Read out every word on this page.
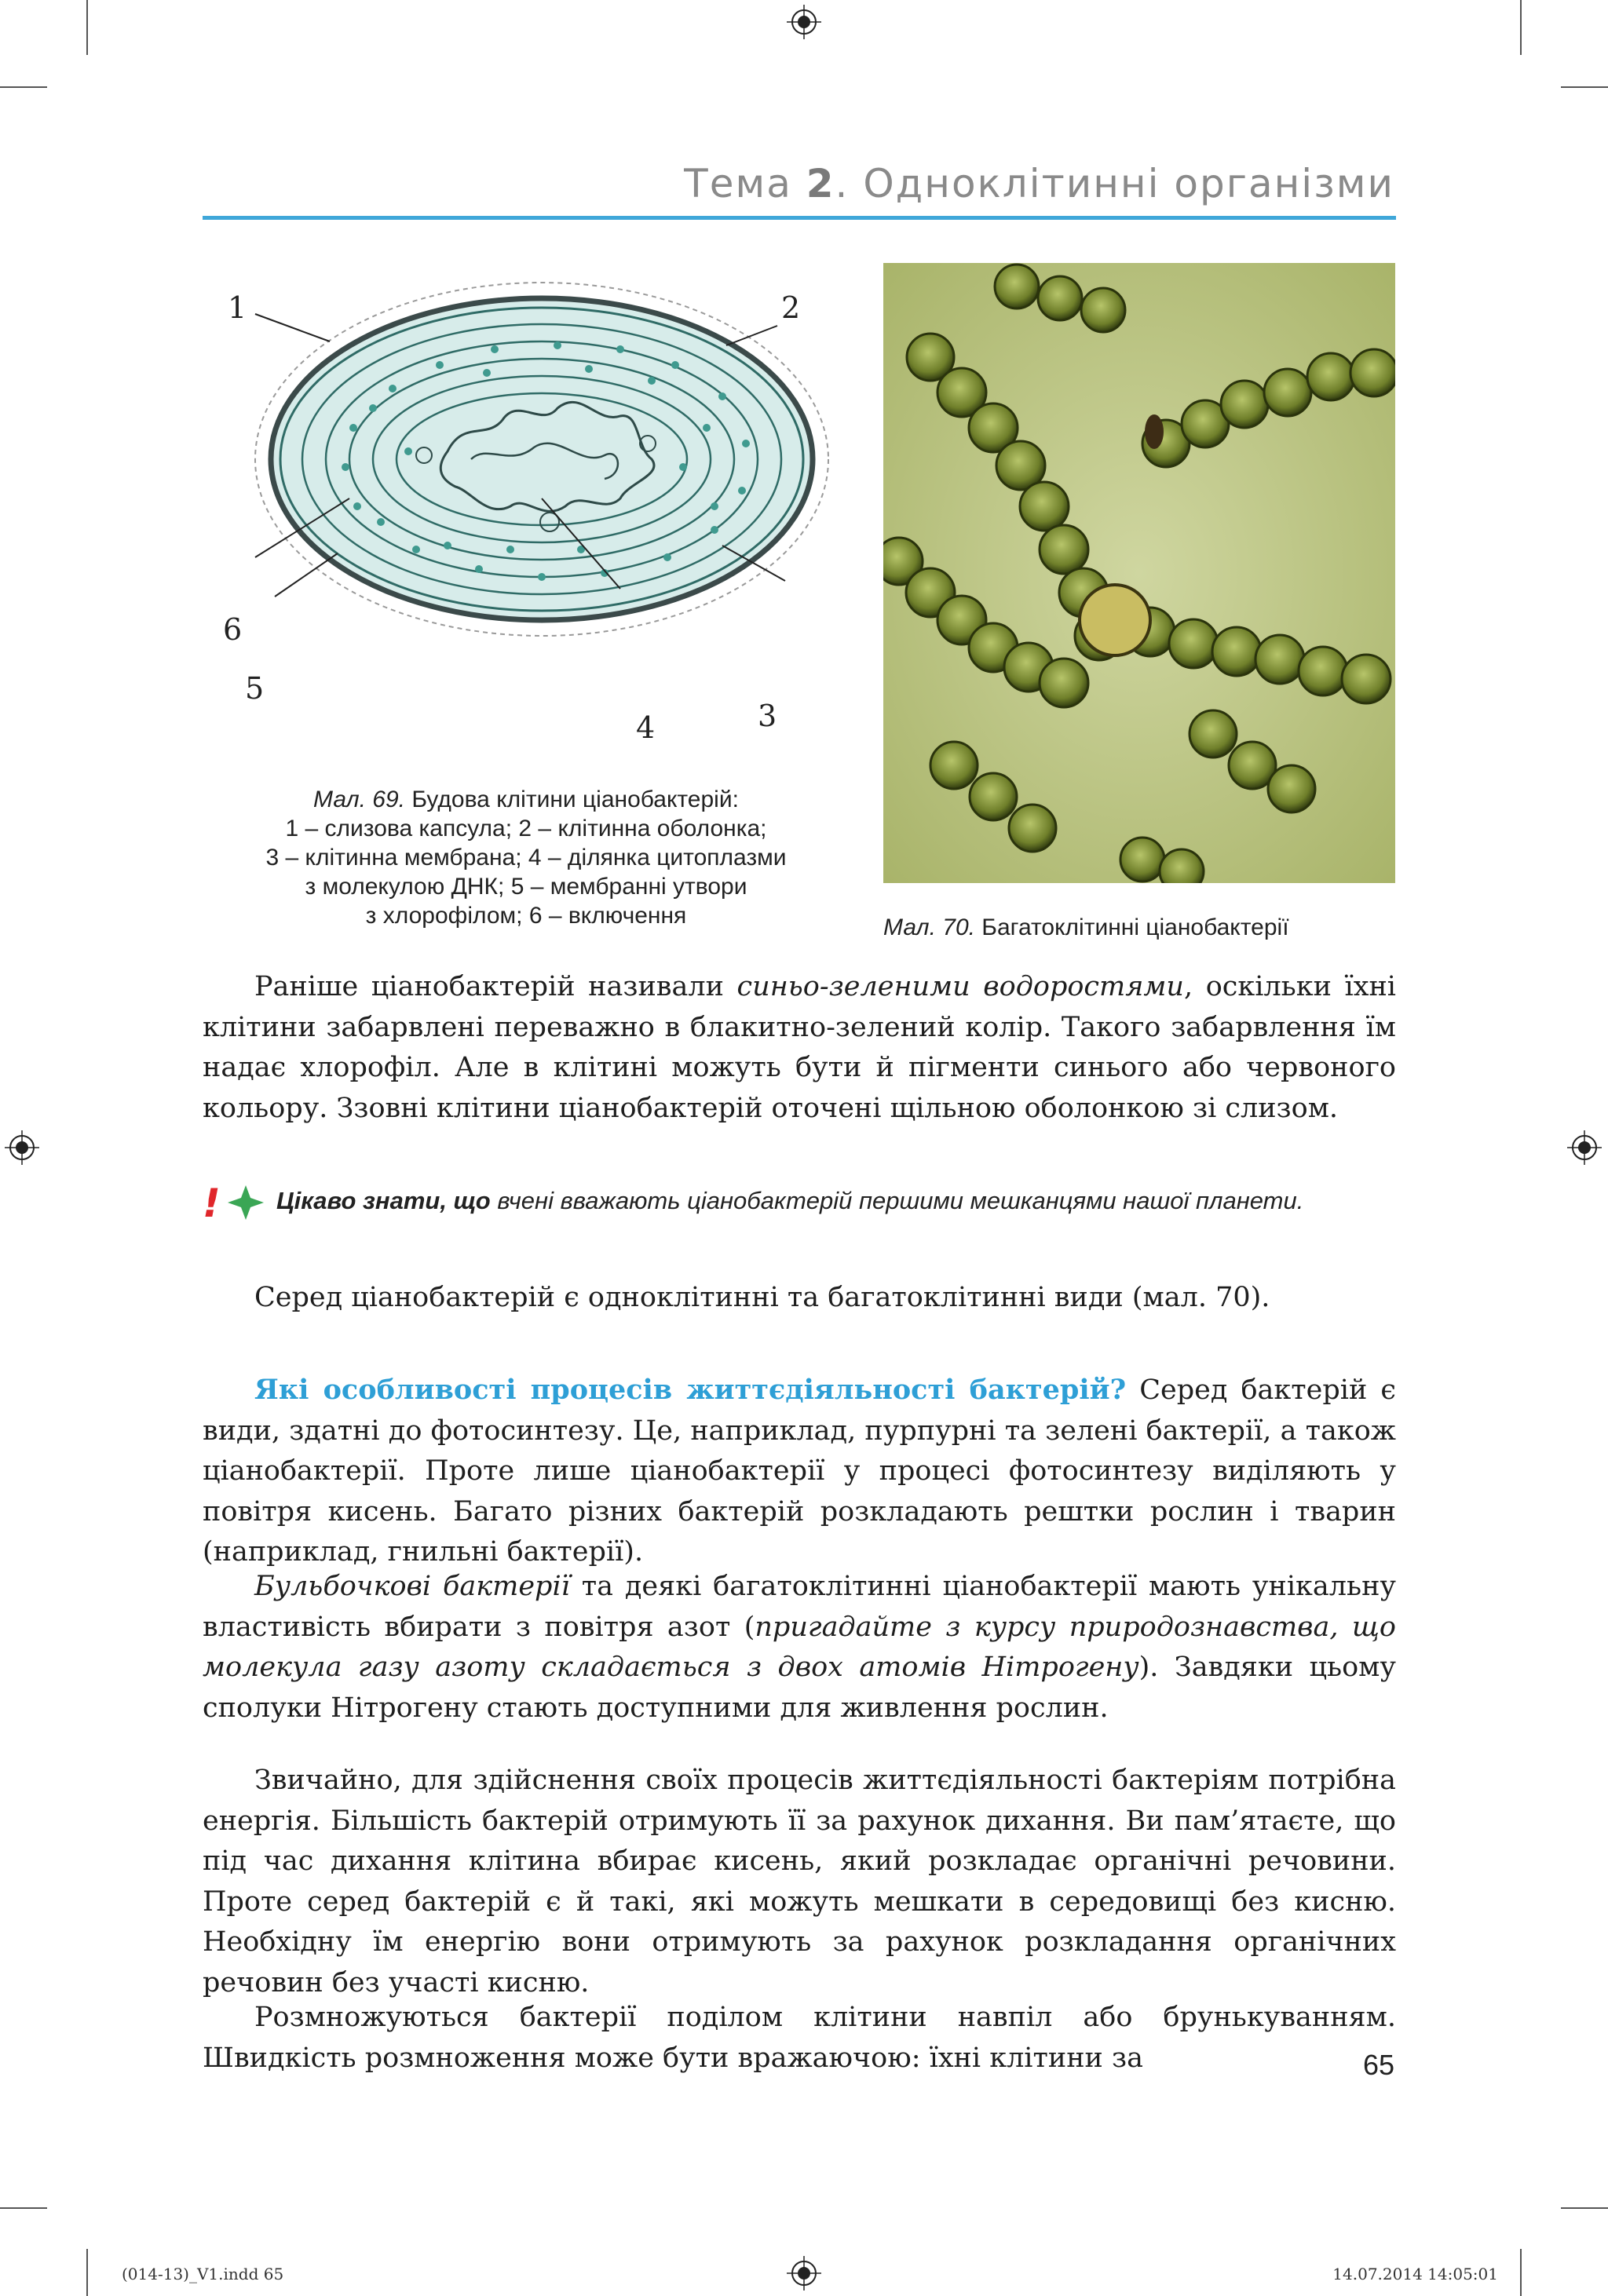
Тема 2. Одноклітинні організми
1	2
3
4
5
6
Мал. 69. Будова клітини ціанобактерій:
1 – слизова капсула; 2 – клітинна оболонка;
3 – клітинна мембрана; 4 – ділянка цитоплазми
з молекулою ДНК; 5 – мембранні утвори
з хлорофілом; 6 – включення	Мал. 70. Багатоклітинні ціанобактерії

Раніше ціанобактерій називали синьо-зеленими водоростями, оскільки їхні клітини забарвлені переважно в блакитно-зелений колір. Такого забарвлення їм надає хлорофіл. Але в клітині можуть бути й пігменти синього або червоного кольору. Ззовні клітини ціанобактерій оточені щільною оболонкою зі слизом.

!	Цікаво знати, що вчені вважають ціанобактерій першими мешканцями нашої планети.

Серед ціанобактерій є одноклітинні та багатоклітинні види (мал. 70).

Які особливості процесів життєдіяльності бактерій? Серед бактерій є види, здатні до фотосинтезу. Це, наприклад, пурпурні та зелені бактерії, а також ціанобактерії. Проте лише ціанобактерії у процесі фотосинтезу виділяють у повітря кисень. Багато різних бактерій розкладають рештки рослин і тварин (наприклад, гнильні бактерії).

Бульбочкові бактерії та деякі багатоклітинні ціанобактерії мають унікальну властивість вбирати з повітря азот (пригадайте з курсу природознавства, що молекула газу азоту складається з двох атомів Нітрогену). Завдяки цьому сполуки Нітрогену стають доступними для живлення рослин.

Звичайно, для здійснення своїх процесів життєдіяльності бактеріям потрібна енергія. Більшість бактерій отримують її за рахунок дихання. Ви пам’ятаєте, що під час дихання клітина вбирає кисень, який розкладає органічні речовини. Проте серед бактерій є й такі, які можуть мешкати в середовищі без кисню. Необхідну їм енергію вони отримують за рахунок розкладання органічних речовин без участі кисню.

Розмножуються бактерії поділом клітини навпіл або брунькуванням. Швидкість розмноження може бути вражаючою: їхні клітини за	65
(014-13)_V1.indd 65	14.07.2014 14:05:01
